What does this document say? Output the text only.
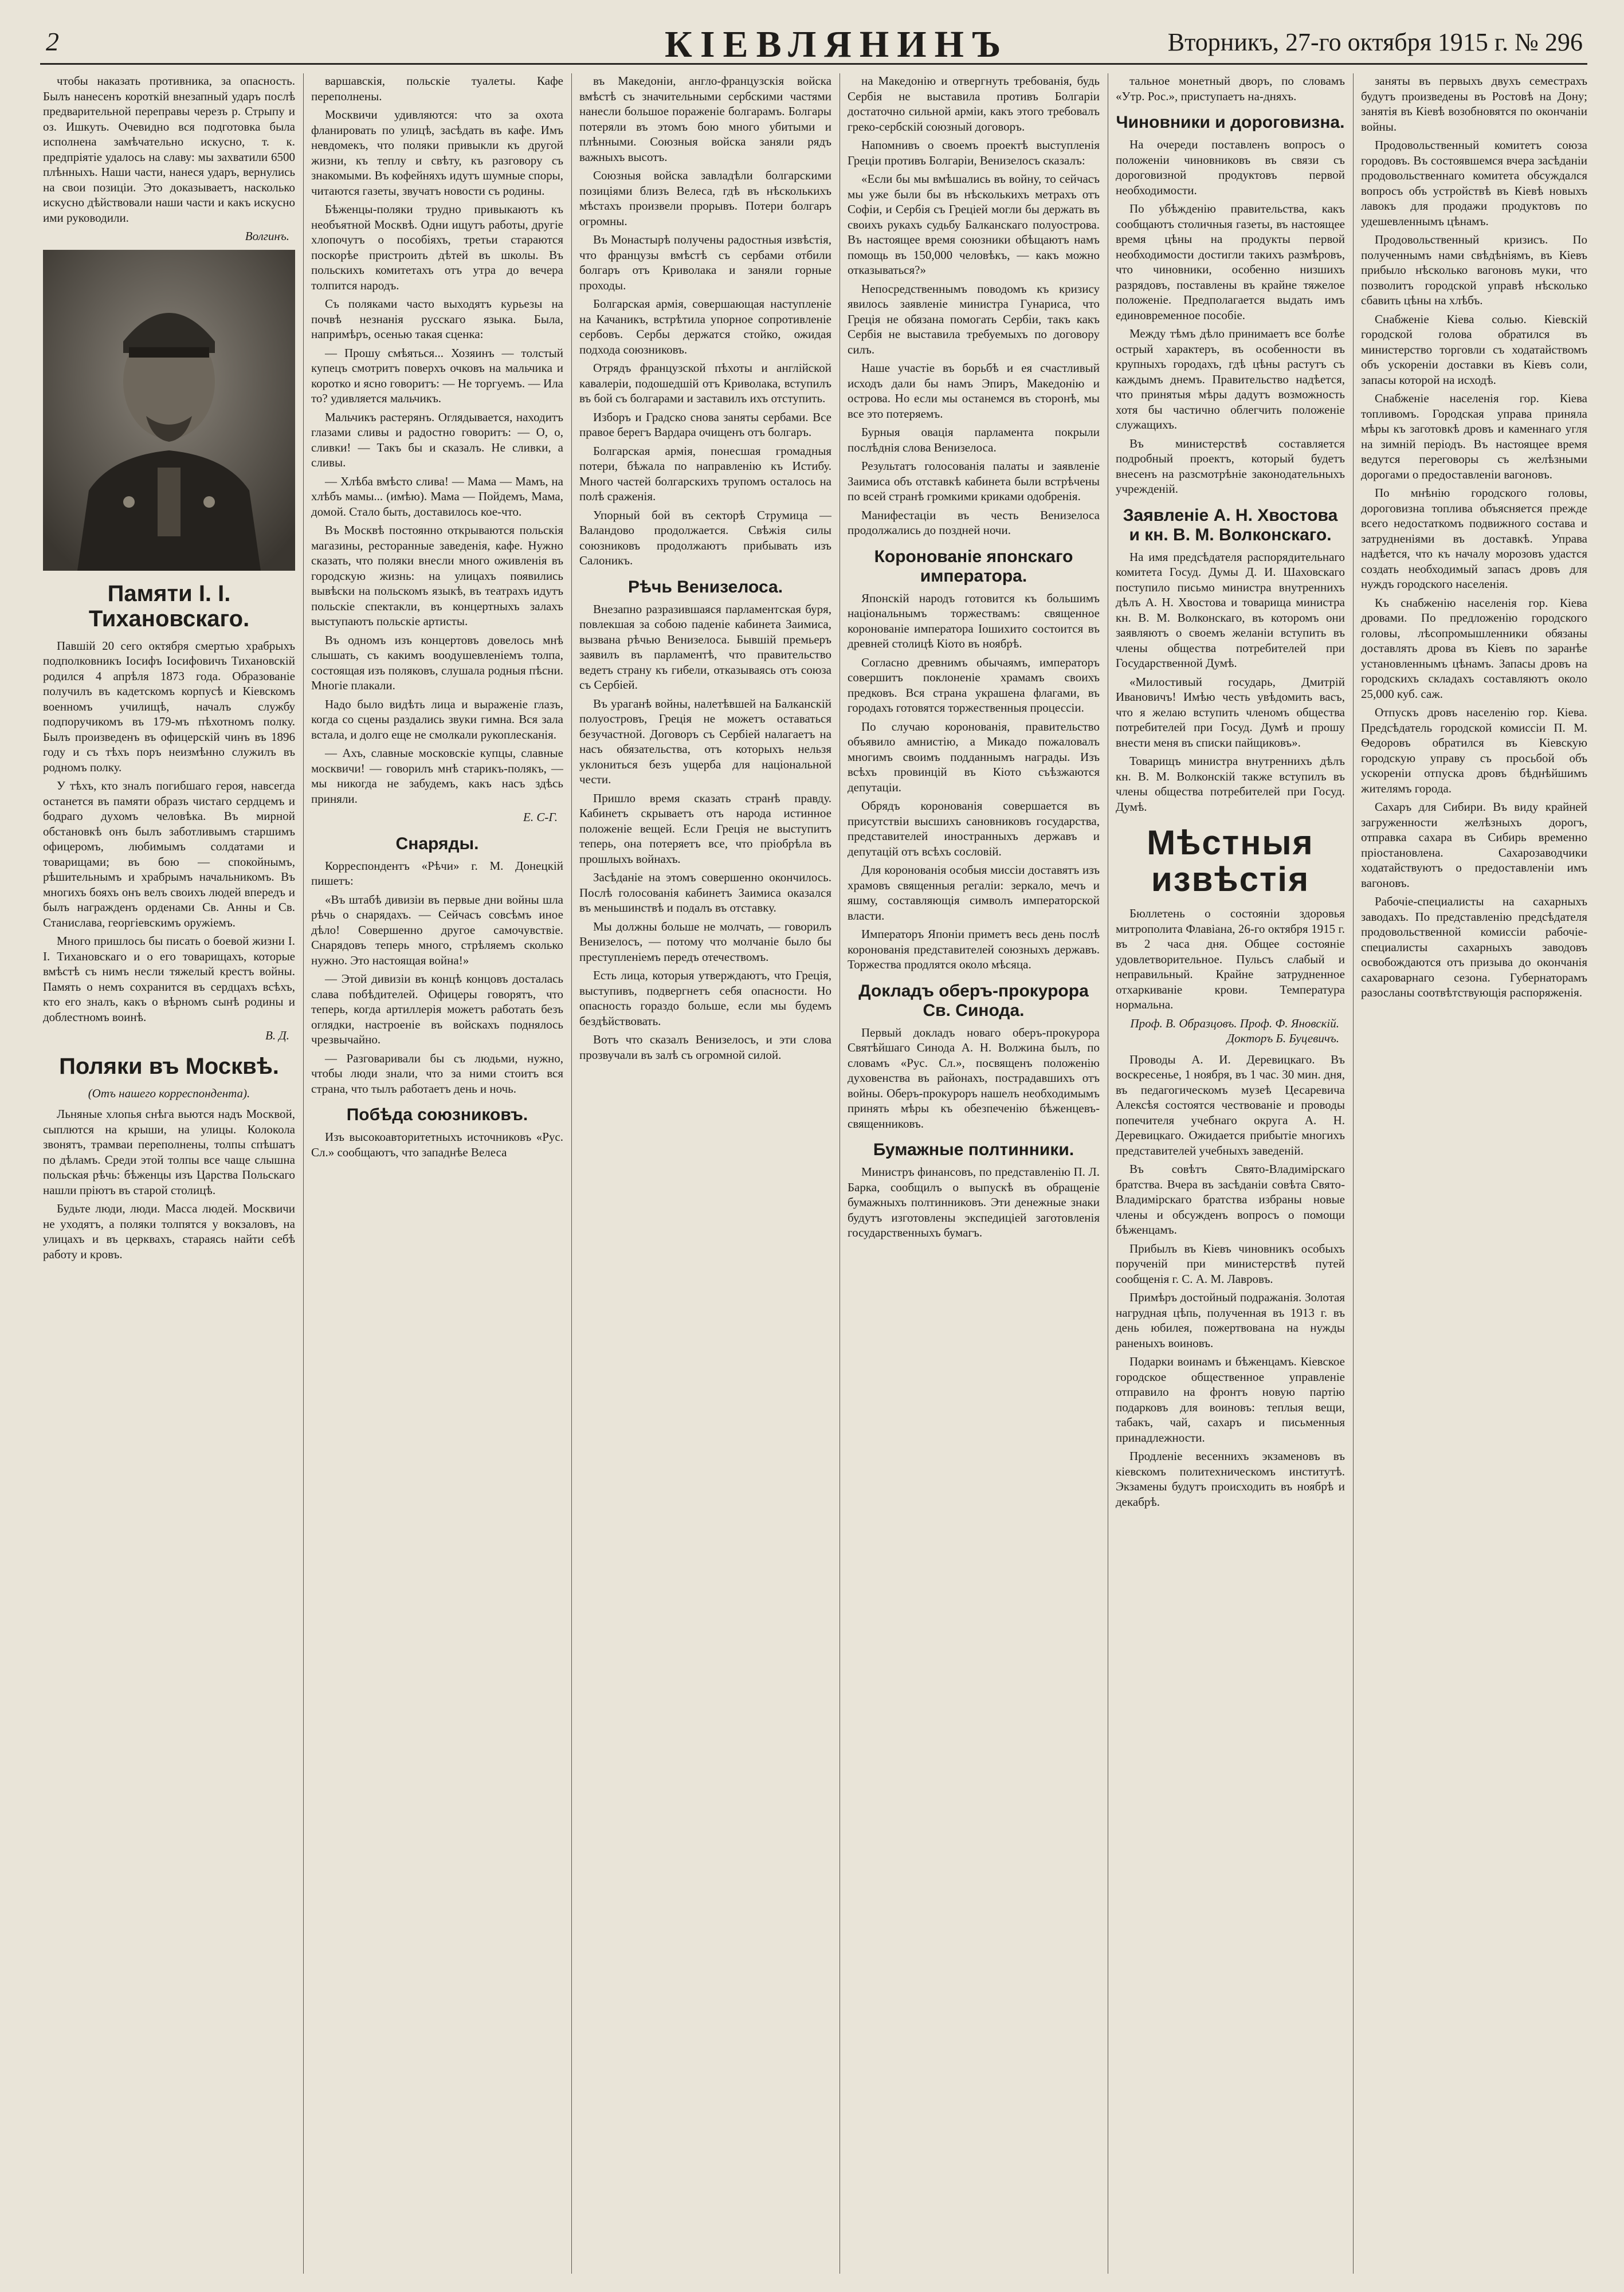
2	КІЕВЛЯНИНЪ	Вторникъ, 27-го октября 1915 г. № 296

чтобы наказать противника, за опасность. Былъ нанесенъ короткій внезапный ударъ послѣ предварительной переправы черезъ р. Стрыпу и оз. Ишкуть. Очевидно вся подготовка была исполнена замѣчательно искусно, т. к. предпріятіе удалось на славу: мы захватили 6500 плѣнныхъ. Наши части, нанеся ударъ, вернулись на свои позиціи. Это доказываетъ, насколько искусно дѣйствовали наши части и какъ искусно ими руководили.

Волгинъ.
Памяти І. І. Тихановскаго.

Павшій 20 сего октября смертью храбрыхъ подполковникъ Іосифъ Іосифовичъ Тихановскій родился 4 апрѣля 1873 года. Образованіе получилъ въ кадетскомъ корпусѣ и Кіевскомъ военномъ училищѣ, началъ службу подпоручикомъ въ 179-мъ пѣхотномъ полку. Былъ произведенъ въ офицерскій чинъ въ 1896 году и съ тѣхъ поръ неизмѣнно служилъ въ родномъ полку.

У тѣхъ, кто зналъ погибшаго героя, навсегда останется въ памяти образъ чистаго сердцемъ и бодраго духомъ человѣка. Въ мирной обстановкѣ онъ былъ заботливымъ старшимъ офицеромъ, любимымъ солдатами и товарищами; въ бою — спокойнымъ, рѣшительнымъ и храбрымъ начальникомъ. Въ многихъ бояхъ онъ велъ своихъ людей впередъ и былъ награжденъ орденами Св. Анны и Св. Станислава, георгіевскимъ оружіемъ.

Много пришлось бы писать о боевой жизни І. І. Тихановскаго и о его товарищахъ, которые вмѣстѣ съ нимъ несли тяжелый крестъ войны. Память о немъ сохранится въ сердцахъ всѣхъ, кто его зналъ, какъ о вѣрномъ сынѣ родины и доблестномъ воинѣ.

В. Д.
Поляки въ Москвѣ.
(Отъ нашего корреспондента).

Льняные хлопья снѣга вьются надъ Москвой, сыплются на крыши, на улицы. Колокола звонятъ, трамваи переполнены, толпы спѣшатъ по дѣламъ. Среди этой толпы все чаще слышна польская рѣчь: бѣженцы изъ Царства Польскаго нашли пріютъ въ старой столицѣ.

Будьте люди, люди. Масса людей. Москвичи не уходятъ, а поляки толпятся у вокзаловъ, на улицахъ и въ церквахъ, стараясь найти себѣ работу и кровъ.

варшавскія, польскіе туалеты. Кафе переполнены.

Москвичи удивляются: что за охота фланировать по улицѣ, засѣдать въ кафе. Имъ невдомекъ, что поляки привыкли къ другой жизни, къ теплу и свѣту, къ разговору съ знакомыми. Въ кофейняхъ идутъ шумные споры, читаются газеты, звучатъ новости съ родины.

Бѣженцы-поляки трудно привыкаютъ къ необъятной Москвѣ. Одни ищутъ работы, другіе хлопочутъ о пособіяхъ, третьи стараются поскорѣе пристроить дѣтей въ школы. Въ польскихъ комитетахъ отъ утра до вечера толпится народъ.

Съ поляками часто выходятъ курьезы на почвѣ незнанія русскаго языка. Была, напримѣръ, осенью такая сценка:

— Прошу смѣяться... Хозяинъ — толстый купецъ смотритъ поверхъ очковъ на мальчика и коротко и ясно говоритъ: — Не торгуемъ. — Ила то? удивляется мальчикъ.

Мальчикъ растерянъ. Оглядывается, находитъ глазами сливы и радостно говоритъ: — О, о, сливки! — Такъ бы и сказалъ. Не сливки, а сливы.

— Хлѣба вмѣсто слива! — Мама — Мамъ, на хлѣбъ мамы... (имѣю). Мама — Пойдемъ, Мама, домой. Стало быть, доставилось кое-что.

Въ Москвѣ постоянно открываются польскія магазины, ресторанные заведенія, кафе. Нужно сказать, что поляки внесли много оживленія въ городскую жизнь: на улицахъ появились вывѣски на польскомъ языкѣ, въ театрахъ идутъ польскіе спектакли, въ концертныхъ залахъ выступаютъ польскіе артисты.

Въ одномъ изъ концертовъ довелось мнѣ слышать, съ какимъ воодушевленіемъ толпа, состоящая изъ поляковъ, слушала родныя пѣсни. Многіе плакали.

Надо было видѣть лица и выраженіе глазъ, когда со сцены раздались звуки гимна. Вся зала встала, и долго еще не смолкали рукоплесканія.

— Ахъ, славные московскіе купцы, славные москвичи! — говорилъ мнѣ старикъ-полякъ, — мы никогда не забудемъ, какъ насъ здѣсь приняли.

Е. С-Г.
Снаряды.

Корреспондентъ «Рѣчи» г. М. Донецкій пишетъ:

«Въ штабѣ дивизіи въ первые дни войны шла рѣчь о снарядахъ. — Сейчасъ совсѣмъ иное дѣло! Совершенно другое самочувствіе. Снарядовъ теперь много, стрѣляемъ сколько нужно. Это настоящая война!»

— Этой дивизіи въ концѣ концовъ досталась слава побѣдителей. Офицеры говорятъ, что теперь, когда артиллерія можетъ работать безъ оглядки, настроеніе въ войскахъ поднялось чрезвычайно.

— Разговаривали бы съ людьми, нужно, чтобы люди знали, что за ними стоитъ вся страна, что тылъ работаетъ день и ночь.

Побѣда союзниковъ.

Изъ высокоавторитетныхъ источниковъ «Рус. Сл.» сообщаютъ, что западнѣе Велеса

въ Македоніи, англо-французскія войска вмѣстѣ съ значительными сербскими частями нанесли большое пораженіе болгарамъ. Болгары потеряли въ этомъ бою много убитыми и плѣнными. Союзныя войска заняли рядъ важныхъ высотъ.

Союзныя войска завладѣли болгарскими позиціями близъ Велеса, гдѣ въ нѣсколькихъ мѣстахъ произвели прорывъ. Потери болгаръ огромны.

Въ Монастырѣ получены радостныя извѣстія, что французы вмѣстѣ съ сербами отбили болгаръ отъ Криволака и заняли горные проходы.

Болгарская армія, совершающая наступленіе на Качаникъ, встрѣтила упорное сопротивленіе сербовъ. Сербы держатся стойко, ожидая подхода союзниковъ.

Отрядъ французской пѣхоты и англійской кавалеріи, подошедшій отъ Криволака, вступилъ въ бой съ болгарами и заставилъ ихъ отступить.

Изборъ и Градско снова заняты сербами. Все правое берегъ Вардара очищенъ отъ болгаръ.

Болгарская армія, понесшая громадныя потери, бѣжала по направленію къ Истибу. Много частей болгарскихъ трупомъ осталось на полѣ сраженія.

Упорный бой въ секторѣ Струмица — Валандово продолжается. Свѣжія силы союзниковъ продолжаютъ прибывать изъ Салоникъ.

Рѣчь Венизелоса.

Внезапно разразившаяся парламентская буря, повлекшая за собою паденіе кабинета Заимиса, вызвана рѣчью Венизелоса. Бывшій премьеръ заявилъ въ парламентѣ, что правительство ведетъ страну къ гибели, отказываясь отъ союза съ Сербіей.

Въ ураганѣ войны, налетѣвшей на Балканскій полуостровъ, Греція не можетъ оставаться безучастной. Договоръ съ Сербіей налагаетъ на насъ обязательства, отъ которыхъ нельзя уклониться безъ ущерба для національной чести.

Пришло время сказать странѣ правду. Кабинетъ скрываетъ отъ народа истинное положеніе вещей. Если Греція не выступитъ теперь, она потеряетъ все, что пріобрѣла въ прошлыхъ войнахъ.

Засѣданіе на этомъ совершенно окончилось. Послѣ голосованія кабинетъ Заимиса оказался въ меньшинствѣ и подалъ въ отставку.

Мы должны больше не молчать, — говорилъ Венизелосъ, — потому что молчаніе было бы преступленіемъ передъ отечествомъ.

Есть лица, которыя утверждаютъ, что Греція, выступивъ, подвергнетъ себя опасности. Но опасность гораздо больше, если мы будемъ бездѣйствовать.

Вотъ что сказалъ Венизелосъ, и эти слова прозвучали въ залѣ съ огромной силой.

на Македонію и отвергнуть требованія, будь Сербія не выставила противъ Болгаріи достаточно сильной арміи, какъ этого требовалъ греко-сербскій союзный договоръ.

Напомнивъ о своемъ проектѣ выступленія Греціи противъ Болгаріи, Венизелосъ сказалъ:

«Если бы мы вмѣшались въ войну, то сейчасъ мы уже были бы въ нѣсколькихъ метрахъ отъ Софіи, и Сербія съ Греціей могли бы держать въ своихъ рукахъ судьбу Балканскаго полуострова. Въ настоящее время союзники обѣщаютъ намъ помощь въ 150,000 человѣкъ, — какъ можно отказываться?»

Непосредственнымъ поводомъ къ кризису явилось заявленіе министра Гунариса, что Греція не обязана помогать Сербіи, такъ какъ Сербія не выставила требуемыхъ по договору силъ.

Наше участіе въ борьбѣ и ея счастливый исходъ дали бы намъ Эпиръ, Македонію и острова. Но если мы останемся въ сторонѣ, мы все это потеряемъ.

Бурныя овація парламента покрыли послѣднія слова Венизелоса.

Результатъ голосованія палаты и заявленіе Заимиса объ отставкѣ кабинета были встрѣчены по всей странѣ громкими криками одобренія.

Манифестаціи въ честь Венизелоса продолжались до поздней ночи.

Коронованіе японскаго императора.

Японскій народъ готовится къ большимъ національнымъ торжествамъ: священное коронованіе императора Іошихито состоится въ древней столицѣ Кіото въ ноябрѣ.

Согласно древнимъ обычаямъ, императоръ совершитъ поклоненіе храмамъ своихъ предковъ. Вся страна украшена флагами, въ городахъ готовятся торжественныя процессіи.

По случаю коронованія, правительство объявило амнистію, а Микадо пожаловалъ многимъ своимъ подданнымъ награды. Изъ всѣхъ провинцій въ Кіото съѣзжаются депутаціи.

Обрядъ коронованія совершается въ присутствіи высшихъ сановниковъ государства, представителей иностранныхъ державъ и депутацій отъ всѣхъ сословій.

Для коронованія особыя миссіи доставятъ изъ храмовъ священныя регаліи: зеркало, мечъ и яшму, составляющія символъ императорской власти.

Императоръ Японіи приметъ весь день послѣ коронованія представителей союзныхъ державъ. Торжества продлятся около мѣсяца.

Докладъ оберъ-прокурора Св. Синода.

Первый докладъ новаго оберъ-прокурора Святѣйшаго Синода А. Н. Волжина былъ, по словамъ «Рус. Сл.», посвященъ положенію духовенства въ районахъ, пострадавшихъ отъ войны. Оберъ-прокуроръ нашелъ необходимымъ принять мѣры къ обезпеченію бѣженцевъ-священниковъ.

Бумажные полтинники.

Министръ финансовъ, по представленію П. Л. Барка, сообщилъ о выпускѣ въ обращеніе бумажныхъ полтинниковъ. Эти денежные знаки будутъ изготовлены экспедиціей заготовленія государственныхъ бумагъ.

тальное монетный дворъ, по словамъ «Утр. Рос.», приступаетъ на-дняхъ.

Чиновники и дороговизна.

На очереди поставленъ вопросъ о положеніи чиновниковъ въ связи съ дороговизной продуктовъ первой необходимости.

По убѣжденію правительства, какъ сообщаютъ столичныя газеты, въ настоящее время цѣны на продукты первой необходимости достигли такихъ размѣровъ, что чиновники, особенно низшихъ разрядовъ, поставлены въ крайне тяжелое положеніе. Предполагается выдать имъ единовременное пособіе.

Между тѣмъ дѣло принимаетъ все болѣе острый характеръ, въ особенности въ крупныхъ городахъ, гдѣ цѣны растутъ съ каждымъ днемъ. Правительство надѣется, что принятыя мѣры дадутъ возможность хотя бы частично облегчить положеніе служащихъ.

Въ министерствѣ составляется подробный проектъ, который будетъ внесенъ на разсмотрѣніе законодательныхъ учрежденій.

Заявленіе А. Н. Хвостова и кн. В. М. Волконскаго.

На имя предсѣдателя распорядительнаго комитета Госуд. Думы Д. И. Шаховскаго поступило письмо министра внутреннихъ дѣлъ А. Н. Хвостова и товарища министра кн. В. М. Волконскаго, въ которомъ они заявляютъ о своемъ желаніи вступить въ члены общества потребителей при Государственной Думѣ.

«Милостивый государь, Дмитрій Ивановичъ! Имѣю честь увѣдомить васъ, что я желаю вступить членомъ общества потребителей при Госуд. Думѣ и прошу внести меня въ списки пайщиковъ».

Товарищъ министра внутреннихъ дѣлъ кн. В. М. Волконскій также вступилъ въ члены общества потребителей при Госуд. Думѣ.

Мѣстныя извѣстія

Бюллетень о состояніи здоровья митрополита Флавіана, 26-го октября 1915 г. въ 2 часа дня. Общее состояніе удовлетворительное. Пульсъ слабый и неправильный. Крайне затрудненное отхаркиваніе крови. Температура нормальна.

Проф. В. Образцовъ. Проф. Ф. Яновскій. Докторъ Б. Буцевичъ.

Проводы А. И. Деревицкаго. Въ воскресенье, 1 ноября, въ 1 час. 30 мин. дня, въ педагогическомъ музеѣ Цесаревича Алексѣя состоятся чествованіе и проводы попечителя учебнаго округа А. Н. Деревицкаго. Ожидается прибытіе многихъ представителей учебныхъ заведеній.

Въ совѣтъ Свято-Владимірскаго братства. Вчера въ засѣданіи совѣта Свято-Владимірскаго братства избраны новые члены и обсужденъ вопросъ о помощи бѣженцамъ.

Прибылъ въ Кіевъ чиновникъ особыхъ порученій при министерствѣ путей сообщенія г. С. А. М. Лавровъ.

Примѣръ достойный подражанія. Золотая нагрудная цѣпь, полученная въ 1913 г. въ день юбилея, пожертвована на нужды раненыхъ воиновъ.

Подарки воинамъ и бѣженцамъ. Кіевское городское общественное управленіе отправило на фронтъ новую партію подарковъ для воиновъ: теплыя вещи, табакъ, чай, сахаръ и письменныя принадлежности.

Продленіе весеннихъ экзаменовъ въ кіевскомъ политехническомъ институтѣ. Экзамены будутъ происходить въ ноябрѣ и декабрѣ.

заняты въ первыхъ двухъ семестрахъ будутъ произведены въ Ростовѣ на Дону; занятія въ Кіевѣ возобновятся по окончаніи войны.

Продовольственный комитетъ союза городовъ. Въ состоявшемся вчера засѣданіи продовольственнаго комитета обсуждался вопросъ объ устройствѣ въ Кіевѣ новыхъ лавокъ для продажи продуктовъ по удешевленнымъ цѣнамъ.

Продовольственный кризисъ. По полученнымъ нами свѣдѣніямъ, въ Кіевъ прибыло нѣсколько вагоновъ муки, что позволитъ городской управѣ нѣсколько сбавить цѣны на хлѣбъ.

Снабженіе Кіева солью. Кіевскій городской голова обратился въ министерство торговли съ ходатайствомъ объ ускореніи доставки въ Кіевъ соли, запасы которой на исходѣ.

Снабженіе населенія гор. Кіева топливомъ. Городская управа приняла мѣры къ заготовкѣ дровъ и каменнаго угля на зимній періодъ. Въ настоящее время ведутся переговоры съ желѣзными дорогами о предоставленіи вагоновъ.

По мнѣнію городского головы, дороговизна топлива объясняется прежде всего недостаткомъ подвижного состава и затрудненіями въ доставкѣ. Управа надѣется, что къ началу морозовъ удастся создать необходимый запасъ дровъ для нуждъ городского населенія.

Къ снабженію населенія гор. Кіева дровами. По предложенію городского головы, лѣсопромышленники обязаны доставлять дрова въ Кіевъ по заранѣе установленнымъ цѣнамъ. Запасы дровъ на городскихъ складахъ составляютъ около 25,000 куб. саж.

Отпускъ дровъ населенію гор. Кіева. Предсѣдатель городской комиссіи П. М. Ѳедоровъ обратился въ Кіевскую городскую управу съ просьбой объ ускореніи отпуска дровъ бѣднѣйшимъ жителямъ города.

Сахаръ для Сибири. Въ виду крайней загруженности желѣзныхъ дорогъ, отправка сахара въ Сибирь временно пріостановлена. Сахарозаводчики ходатайствуютъ о предоставленіи имъ вагоновъ.

Рабочіе-специалисты на сахарныхъ заводахъ. По представленію предсѣдателя продовольственной комиссіи рабочіе-специалисты сахарныхъ заводовъ освобождаются отъ призыва до окончанія сахароварнаго сезона. Губернаторамъ разосланы соотвѣтствующія распоряженія.
